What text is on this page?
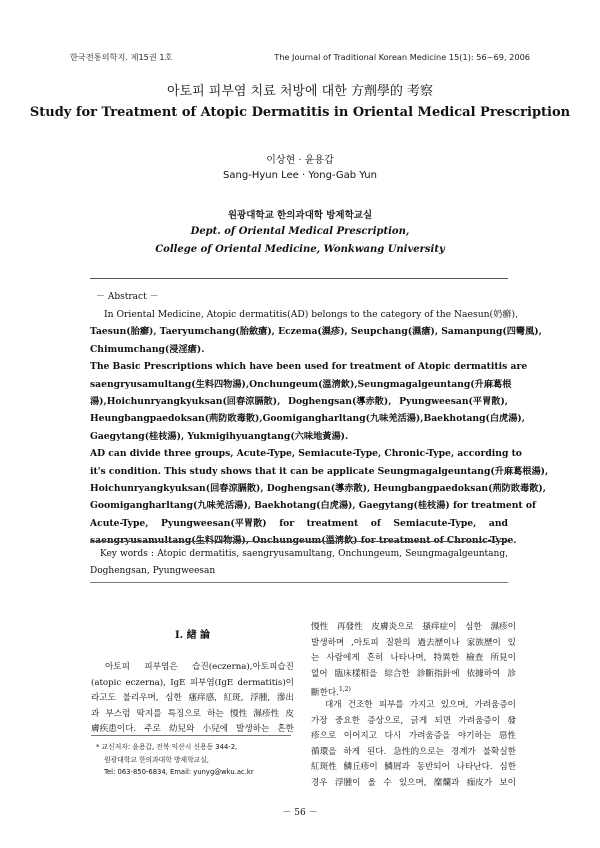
한국전통의학지. 제15권 1호	The Journal of Traditional Korean Medicine 15(1): 56~69, 2006
아토피 피부염 치료 처방에 대한 方劑學的 考察
Study for Treatment of Atopic Dermatitis in Oriental Medical Prescription
이상현 · 윤용갑
Sang-Hyun Lee · Yong-Gab Yun
원광대학교 한의과대학 방제학교실
Dept. of Oriental Medical Prescription,
College of Oriental Medicine, Wonkwang University
－ Abstract －
In Oriental Medicine, Atopic dermatitis(AD) belongs to the category of the Naesun(奶癬),
Taesun(胎癬), Taeryumchang(胎斂瘡), Eczema(濕疹), Seupchang(濕瘡), Samanpung(四彎風),
Chimumchang(浸淫瘡).
The Basic Prescriptions which have been used for treatment of Atopic dermatitis are
saengryusamultang(生料四物湯), Onchungeum(溫淸飮), Seungmagalgeuntang(升麻葛根
湯),Hoichunryangkyuksan(回春涼膈散), Doghengsan(導赤散), Pyungweesan(平胃散),
Heungbangpaedoksan(荊防敗毒散), Goomigangharltang(九味羌活湯), Baekhotang(白虎湯),
Gaegytang(桂枝湯), Yukmigihyuangtang(六味地黃湯).
AD can divide three groups, Acute-Type, Semiacute-Type, Chronic-Type, according to
it's condition. This study shows that it can be applicate Seungmagalgeuntang(升麻葛根湯),
Hoichunryangkyuksan(回春涼膈散), Doghengsan(導赤散), Heungbangpaedoksan(荊防敗毒散),
Goomigangharltang(九味羌活湯), Baekhotang(白虎湯), Gaegytang(桂枝湯) for treatment of
Acute-Type, Pyungweesan(平胃散) for treatment of Semiacute-Type, and
saengryusamultang(生料四物湯), Onchungeum(溫淸飮) for treatment of Chronic-Type.
Key words : Atopic dermatitis, saengryusamultang, Onchungeum, Seungmagalgeuntang,
Doghengsan, Pyungweesan
Ⅰ. 緖 論
아토피 피부염은 습진(eczerna),아토피습진
(atopic eczerna), IgE 피부염(IgE dermatitis)이
라고도 불리우며, 심한 瘙痒感, 紅斑, 浮腫, 滲出
과 부스럼 딱지를 특징으로 하는 慢性 濕疹性 皮
膚疾患이다. 주로 幼兒와 小兒에 발생하는 흔한
慢性 再發性 皮膚炎으로 搔痒症이 심한 濕疹이
발생하며 ,아토피 질환의 過去歷이나 家族歷이 있
는 사람에게 흔히 나타나며, 特異한 檢査 所見이
없어 臨床樣相을 綜合한 診斷指針에 依據하여 診
斷한다.$^{1,2)}$
대개 건조한 피부를 가지고 있으며, 가려움증이
가장 중요한 증상으로, 긁게 되면 가려움증이 發
疹으로 이어지고 다시 가려움증을 야기하는 惡性
循環을 하게 된다. 急性的으로는 경계가 불확실한
紅斑性 鱗丘疹이 鱗屑과 동반되어 나타난다. 심한
경우 浮腫이 올 수 있으며, 糜爛과 痂皮가 보이
* 교신저자: 윤용갑, 전북 익산시 신용동 344-2,
원광대학교 한의과대학 방제학교실,
Tel: 063-850-6834, Email: yunyg@wku.ac.kr
－ 56 －
